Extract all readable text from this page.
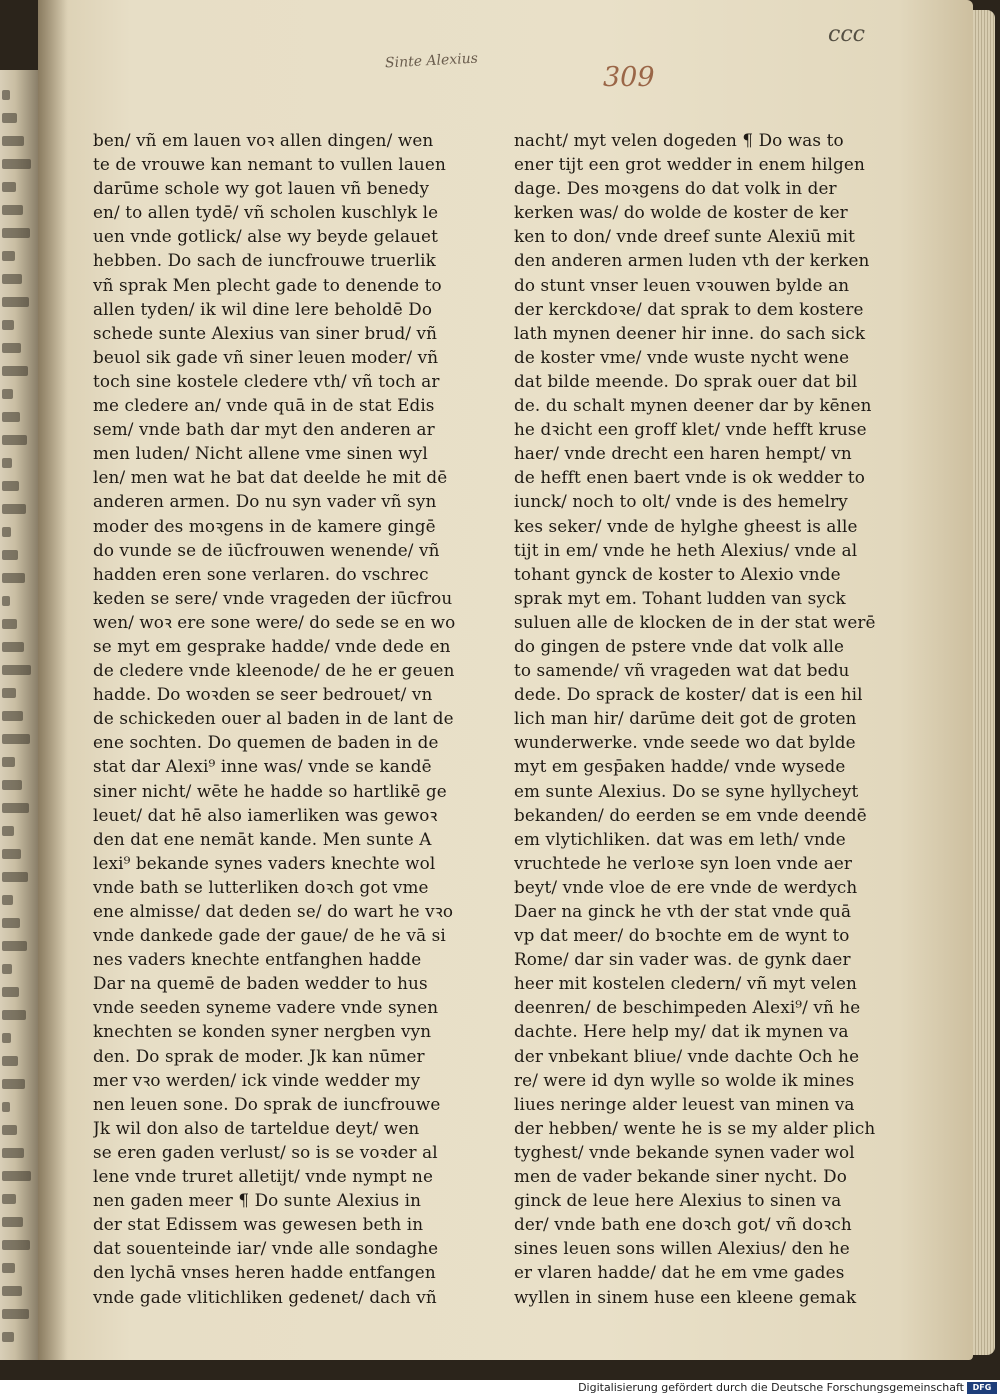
Sinte Alexius
309
ccc
ben/ vñ em lauen voꝛ allen dingen/ wen
te de vrouwe kan nemant to vullen lauen
darūme schole wy got lauen vñ benedy
en/ to allen tydē/ vñ scholen kuschlyk le
uen vnde gotlick/ alse wy beyde gelauet
hebben. Do sach de iuncfrouwe truerlik
vñ sprak Men plecht gade to denende to
allen tyden/ ik wil dine lere beholdē Do
schede sunte Alexius van siner brud/ vñ
beuol sik gade vñ siner leuen moder/ vñ
toch sine kostele cledere vth/ vñ toch ar
me cledere an/ vnde quā in de stat Edis
sem/ vnde bath dar myt den anderen ar
men luden/ Nicht allene vme sinen wyl
len/ men wat he bat dat deelde he mit dē
anderen armen. Do nu syn vader vñ syn
moder des moꝛgens in de kamere gingē
do vunde se de iūcfrouwen wenende/ vñ
hadden eren sone verlaren. do vschrec
keden se sere/ vnde vrageden der iūcfrou
wen/ woꝛ ere sone were/ do sede se en wo
se myt em gesprake hadde/ vnde dede en
de cledere vnde kleenode/ de he er geuen
hadde. Do woꝛden se seer bedrouet/ vn
de schickeden ouer al baden in de lant de
ene sochten. Do quemen de baden in de
stat dar Alexi⁹ inne was/ vnde se kandē
siner nicht/ wēte he hadde so hartlikē ge
leuet/ dat hē also iamerliken was gewoꝛ
den dat ene nemāt kande. Men sunte A
lexi⁹ bekande synes vaders knechte wol
vnde bath se lutterliken doꝛch got vme
ene almisse/ dat deden se/ do wart he vꝛo
vnde dankede gade der gaue/ de he vā si
nes vaders knechte entfanghen hadde
Dar na quemē de baden wedder to hus
vnde seeden syneme vadere vnde synen
knechten se konden syner nergben vyn
den. Do sprak de moder. Jk kan nūmer
mer vꝛo werden/ ick vinde wedder my
nen leuen sone. Do sprak de iuncfrouwe
Jk wil don also de tarteldue deyt/ wen
se eren gaden verlust/ so is se voꝛder al
lene vnde truret alletijt/ vnde nympt ne
nen gaden meer ¶ Do sunte Alexius in
der stat Edissem was gewesen beth in
dat souenteinde iar/ vnde alle sondaghe
den lychā vnses heren hadde entfangen
vnde gade vlitichliken gedenet/ dach vñ
nacht/ myt velen dogeden ¶ Do was to
ener tijt een grot wedder in enem hilgen
dage. Des moꝛgens do dat volk in der
kerken was/ do wolde de koster de ker
ken to don/ vnde dreef sunte Alexiū mit
den anderen armen luden vth der kerken
do stunt vnser leuen vꝛouwen bylde an
der kerckdoꝛe/ dat sprak to dem kostere
lath mynen deener hir inne. do sach sick
de koster vme/ vnde wuste nycht wene
dat bilde meende. Do sprak ouer dat bil
de. du schalt mynen deener dar by kēnen
he dꝛicht een groff klet/ vnde hefft kruse
haer/ vnde drecht een haren hempt/ vn
de hefft enen baert vnde is ok wedder to
iunck/ noch to olt/ vnde is des hemelry
kes seker/ vnde de hylghe gheest is alle
tijt in em/ vnde he heth Alexius/ vnde al
tohant gynck de koster to Alexio vnde
sprak myt em. Tohant ludden van syck
suluen alle de klocken de in der stat werē
do gingen de pstere vnde dat volk alle
to samende/ vñ vrageden wat dat bedu
dede. Do sprack de koster/ dat is een hil
lich man hir/ darūme deit got de groten
wunderwerke. vnde seede wo dat bylde
myt em gesp̄aken hadde/ vnde wysede
em sunte Alexius. Do se syne hyllycheyt
bekanden/ do eerden se em vnde deendē
em vlytichliken. dat was em leth/ vnde
vruchtede he verloꝛe syn loen vnde aer
beyt/ vnde vloe de ere vnde de werdych
Daer na ginck he vth der stat vnde quā
vp dat meer/ do bꝛochte em de wynt to
Rome/ dar sin vader was. de gynk daer
heer mit kostelen cledern/ vñ myt velen
deenren/ de beschimpeden Alexi⁹/ vñ he
dachte. Here help my/ dat ik mynen va
der vnbekant bliue/ vnde dachte Och he
re/ were id dyn wylle so wolde ik mines
liues neringe alder leuest van minen va
der hebben/ wente he is se my alder plich
tyghest/ vnde bekande synen vader wol
men de vader bekande siner nycht. Do
ginck de leue here Alexius to sinen va
der/ vnde bath ene doꝛch got/ vñ doꝛch
sines leuen sons willen Alexius/ den he
er vlaren hadde/ dat he em vme gades
wyllen in sinem huse een kleene gemak
Digitalisierung gefördert durch die Deutsche Forschungsgemeinschaft	DFG
